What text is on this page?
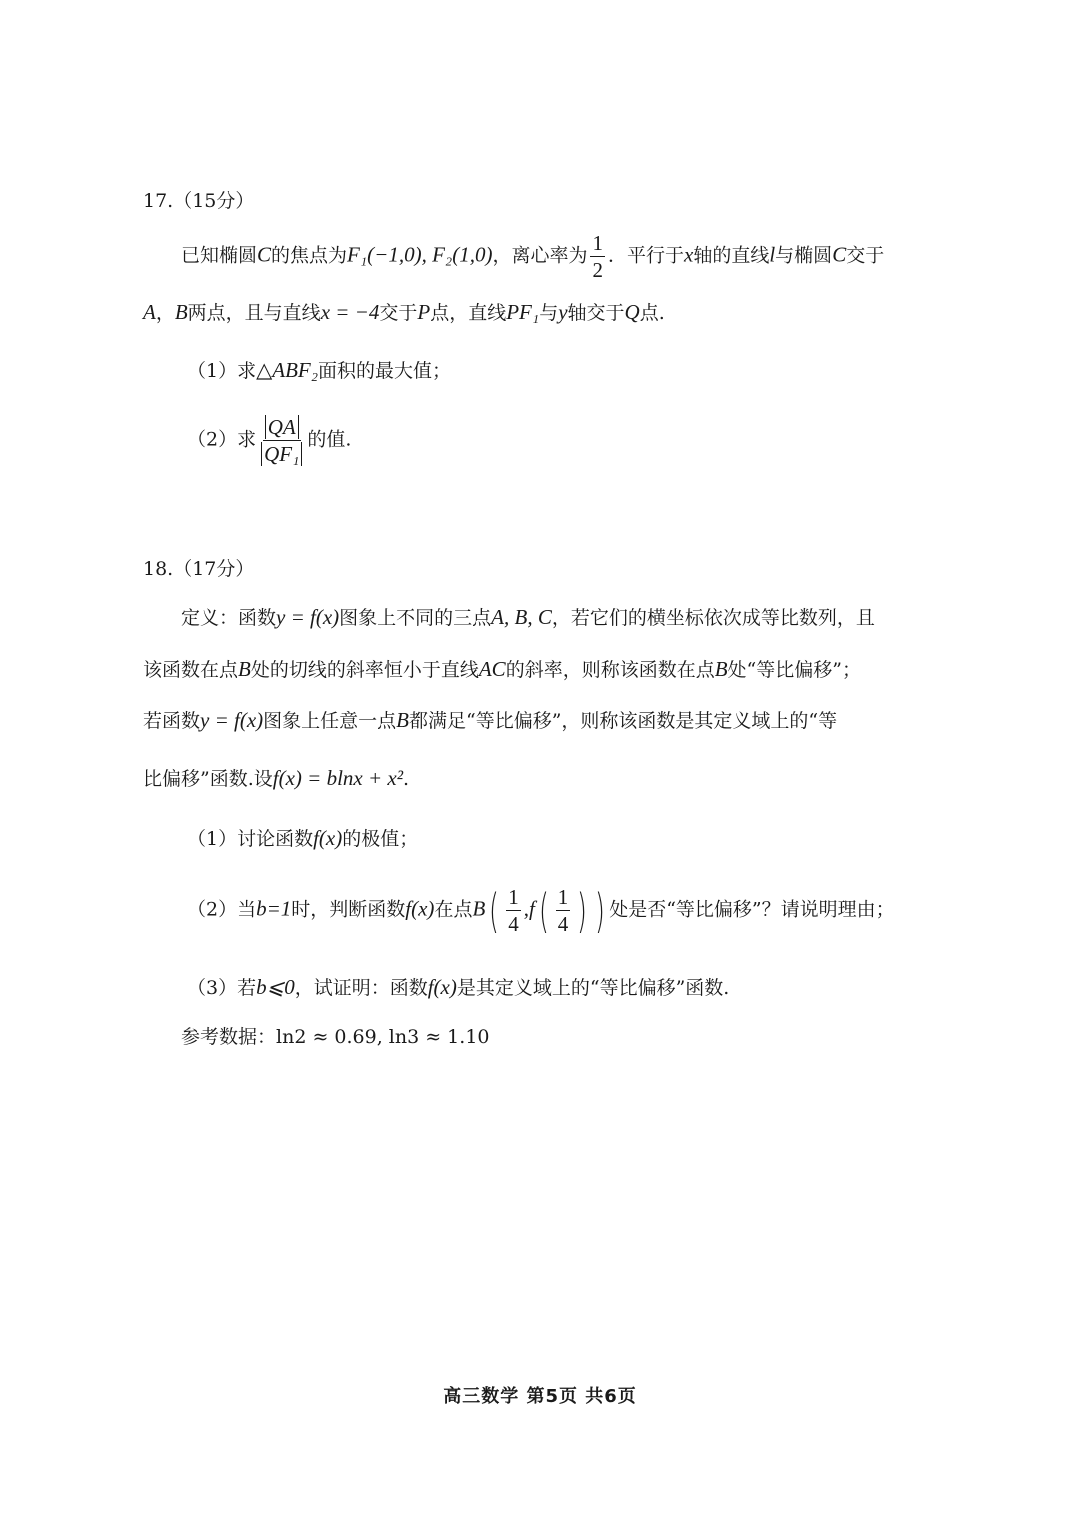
17.（15分）
已知椭圆C的焦点为F₁(−1,0), F₂(1,0)，离心率为 $\frac{1}{2}$ ．平行于x轴的直线l与椭圆C交于
A，B两点，且与直线x = −4交于P点，直线PF₁与y轴交于Q点.
（1）求△ABF₂面积的最大值；
（2）求 $\frac{QA}{\text{QF₁}}$ 的值.
18.（17分）
定义：函数y = f(x)图象上不同的三点A, B, C，若它们的横坐标依次成等比数列，且
该函数在点B处的切线的斜率恒小于直线AC的斜率，则称该函数在点B处“等比偏移”；
若函数y = f(x)图象上任意一点B都满足“等比偏移”，则称该函数是其定义域上的“等
比偏移”函数.设f(x) = blnx + x².
（1）讨论函数f(x)的极值；
（2）当b=1时，判断函数f(x)在点$B( \frac{1}{4} ,f( \frac{1}{4}$ ) ) 处是否“等比偏移”？请说明理由；
（3）若b⩽0，试证明：函数f(x)是其定义域上的“等比偏移”函数.
参考数据：ln2 ≈ 0.69, ln3 ≈ 1.10
高三数学 第5页 共6页
